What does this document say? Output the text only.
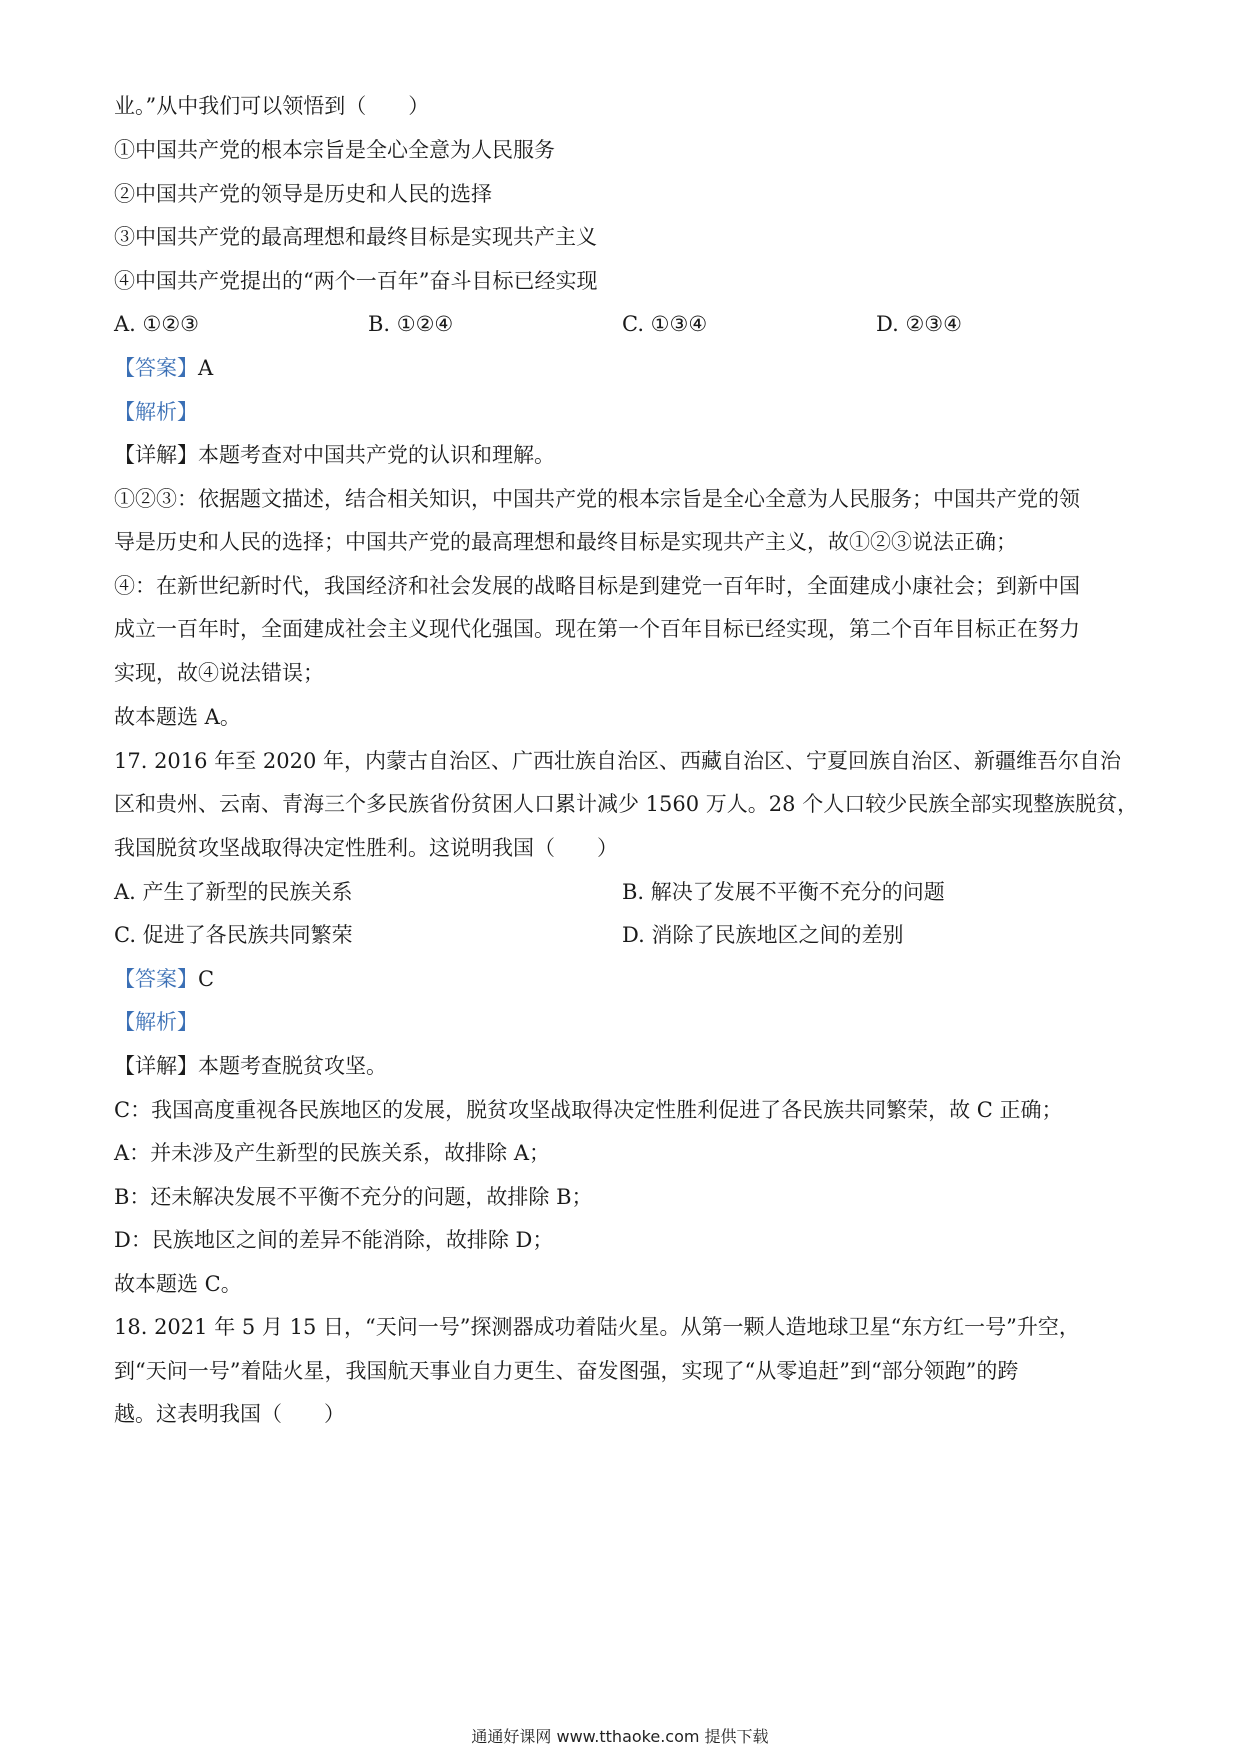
业。”从中我们可以领悟到（　　）
①中国共产党的根本宗旨是全心全意为人民服务
②中国共产党的领导是历史和人民的选择
③中国共产党的最高理想和最终目标是实现共产主义
④中国共产党提出的“两个一百年”奋斗目标已经实现
A. ①②③	B. ①②④	C. ①③④	D. ②③④
【答案】A
【解析】
【详解】本题考查对中国共产党的认识和理解。
①②③：依据题文描述，结合相关知识，中国共产党的根本宗旨是全心全意为人民服务；中国共产党的领
导是历史和人民的选择；中国共产党的最高理想和最终目标是实现共产主义，故①②③说法正确；
④：在新世纪新时代，我国经济和社会发展的战略目标是到建党一百年时，全面建成小康社会；到新中国
成立一百年时，全面建成社会主义现代化强国。现在第一个百年目标已经实现，第二个百年目标正在努力
实现，故④说法错误；
故本题选 A。
17. 2016 年至 2020 年，内蒙古自治区、广西壮族自治区、西藏自治区、宁夏回族自治区、新疆维吾尔自治
区和贵州、云南、青海三个多民族省份贫困人口累计减少 1560 万人。28 个人口较少民族全部实现整族脱贫，
我国脱贫攻坚战取得决定性胜利。这说明我国（　　）
A. 产生了新型的民族关系	B. 解决了发展不平衡不充分的问题
C. 促进了各民族共同繁荣	D. 消除了民族地区之间的差别
【答案】C
【解析】
【详解】本题考查脱贫攻坚。
C：我国高度重视各民族地区的发展，脱贫攻坚战取得决定性胜利促进了各民族共同繁荣，故 C 正确；
A：并未涉及产生新型的民族关系，故排除 A；
B：还未解决发展不平衡不充分的问题，故排除 B；
D：民族地区之间的差异不能消除，故排除 D；
故本题选 C。
18. 2021 年 5 月 15 日，“天问一号”探测器成功着陆火星。从第一颗人造地球卫星“东方红一号”升空，
到“天问一号”着陆火星，我国航天事业自力更生、奋发图强，实现了“从零追赶”到“部分领跑”的跨
越。这表明我国（　　）
通通好课网 www.tthaoke.com 提供下载
